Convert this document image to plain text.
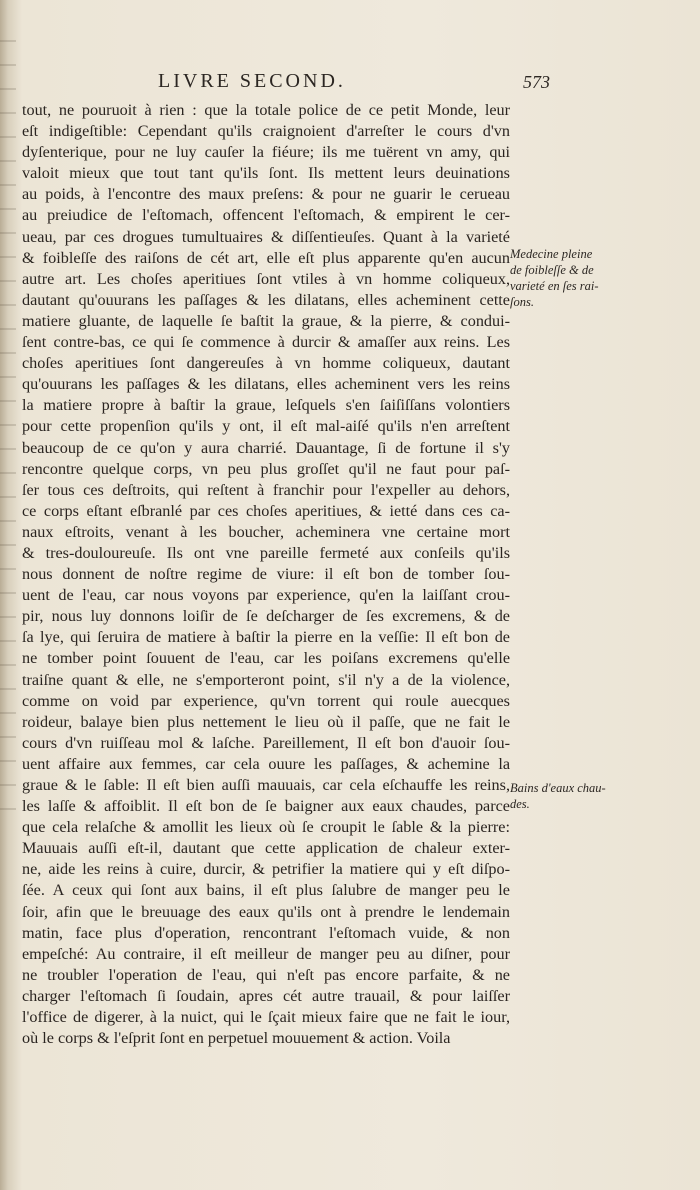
LIVRE SECOND.	573
tout, ne pouruoit à rien : que la totale police de ce petit Monde, leur
eſt indigeſtible: Cependant qu'ils craignoient d'arreſter le cours d'vn
dyſenterique, pour ne luy cauſer la fiéure; ils me tuërent vn amy, qui
valoit mieux que tout tant qu'ils ſont. Ils mettent leurs deuinations
au poids, à l'encontre des maux preſens: & pour ne guarir le cerueau
au preiudice de l'eſtomach, offencent l'eſtomach, & empirent le cer-
ueau, par ces drogues tumultuaires & diſſentieuſes. Quant à la varieté
& foibleſſe des raiſons de cét art, elle eſt plus apparente qu'en aucun
autre art. Les choſes aperitiues ſont vtiles à vn homme coliqueux,
dautant qu'ouurans les paſſages & les dilatans, elles acheminent cette
matiere gluante, de laquelle ſe baſtit la graue, & la pierre, & condui-
ſent contre-bas, ce qui ſe commence à durcir & amaſſer aux reins. Les
choſes aperitiues ſont dangereuſes à vn homme coliqueux, dautant
qu'ouurans les paſſages & les dilatans, elles acheminent vers les reins
la matiere propre à baſtir la graue, leſquels s'en ſaiſiſſans volontiers
pour cette propenſion qu'ils y ont, il eſt mal-aiſé qu'ils n'en arreſtent
beaucoup de ce qu'on y aura charrié. Dauantage, ſi de fortune il s'y
rencontre quelque corps, vn peu plus groſſet qu'il ne faut pour paſ-
ſer tous ces deſtroits, qui reſtent à franchir pour l'expeller au dehors,
ce corps eſtant eſbranlé par ces choſes aperitiues, & ietté dans ces ca-
naux eſtroits, venant à les boucher, acheminera vne certaine mort
& tres-douloureuſe. Ils ont vne pareille fermeté aux conſeils qu'ils
nous donnent de noſtre regime de viure: il eſt bon de tomber ſou-
uent de l'eau, car nous voyons par experience, qu'en la laiſſant crou-
pir, nous luy donnons loiſir de ſe deſcharger de ſes excremens, & de
ſa lye, qui ſeruira de matiere à baſtir la pierre en la veſſie: Il eſt bon de
ne tomber point ſouuent de l'eau, car les poiſans excremens qu'elle
traiſne quant & elle, ne s'emporteront point, s'il n'y a de la violence,
comme on void par experience, qu'vn torrent qui roule auecques
roideur, balaye bien plus nettement le lieu où il paſſe, que ne fait le
cours d'vn ruiſſeau mol & laſche. Pareillement, Il eſt bon d'auoir ſou-
uent affaire aux femmes, car cela ouure les paſſages, & achemine la
graue & le ſable: Il eſt bien auſſi mauuais, car cela eſchauffe les reins,
les laſſe & affoiblit. Il eſt bon de ſe baigner aux eaux chaudes, parce
que cela relaſche & amollit les lieux où ſe croupit le ſable & la pierre:
Mauuais auſſi eſt-il, dautant que cette application de chaleur exter-
ne, aide les reins à cuire, durcir, & petrifier la matiere qui y eſt diſpo-
ſée. A ceux qui ſont aux bains, il eſt plus ſalubre de manger peu le
ſoir, afin que le breuuage des eaux qu'ils ont à prendre le lendemain
matin, face plus d'operation, rencontrant l'eſtomach vuide, & non
empeſché: Au contraire, il eſt meilleur de manger peu au diſner, pour
ne troubler l'operation de l'eau, qui n'eſt pas encore parfaite, & ne
charger l'eſtomach ſi ſoudain, apres cét autre trauail, & pour laiſſer
l'office de digerer, à la nuict, qui le ſçait mieux faire que ne fait le iour,
où le corps & l'eſprit ſont en perpetuel mouuement & action. Voila
Medecine pleine
de foibleſſe & de
varieté en ſes rai-
ſons.
Bains d'eaux chau-
des.
